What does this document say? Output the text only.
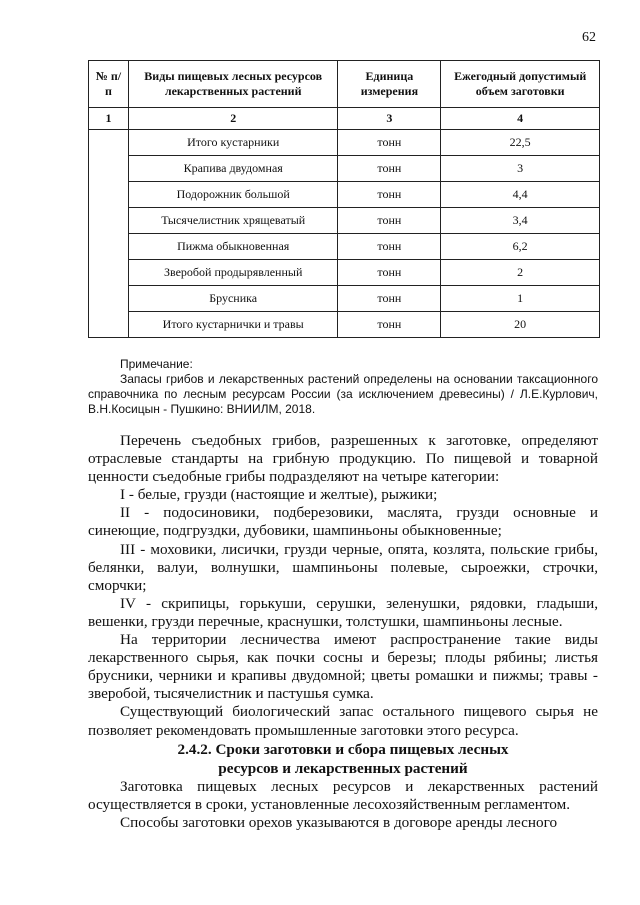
62
№ п/п	Виды пищевых лесных ресурсов лекарственных растений	Единица измерения	Ежегодный допустимый объем заготовки
1	2	3	4
	Итого кустарники	тонн	22,5
	Крапива двудомная	тонн	3
	Подорожник большой	тонн	4,4
	Тысячелистник хрящеватый	тонн	3,4
	Пижма обыкновенная	тонн	6,2
	Зверобой продырявленный	тонн	2
	Брусника	тонн	1
	Итого кустарнички и травы	тонн	20
Примечание:
Запасы грибов и лекарственных растений определены на основании таксационного справочника по лесным ресурсам России (за исключением древесины) / Л.Е.Курлович, В.Н.Косицын - Пушкино: ВНИИЛМ, 2018.

Перечень съедобных грибов, разрешенных к заготовке, определяют отраслевые стандарты на грибную продукцию. По пищевой и товарной ценности съедобные грибы подразделяют на четыре категории:

I - белые, грузди (настоящие и желтые), рыжики;

II - подосиновики, подберезовики, маслята, грузди основные и синеющие, подгруздки, дубовики, шампиньоны обыкновенные;

III - моховики, лисички, грузди черные, опята, козлята, польские грибы, белянки, валуи, волнушки, шампиньоны полевые, сыроежки, строчки, сморчки;

IV - скрипицы, горькуши, серушки, зеленушки, рядовки, гладыши, вешенки, грузди перечные, краснушки, толстушки, шампиньоны лесные.

На территории лесничества имеют распространение такие виды лекарственного сырья, как почки сосны и березы; плоды рябины; листья брусники, черники и крапивы двудомной; цветы ромашки и пижмы; травы - зверобой, тысячелистник и пастушья сумка.

Существующий биологический запас остального пищевого сырья не позволяет рекомендовать промышленные заготовки этого ресурса.

2.4.2. Сроки заготовки и сбора пищевых лесных
ресурсов и лекарственных растений

Заготовка пищевых лесных ресурсов и лекарственных растений осуществляется в сроки, установленные лесохозяйственным регламентом.

Способы заготовки орехов указываются в договоре аренды лесного
